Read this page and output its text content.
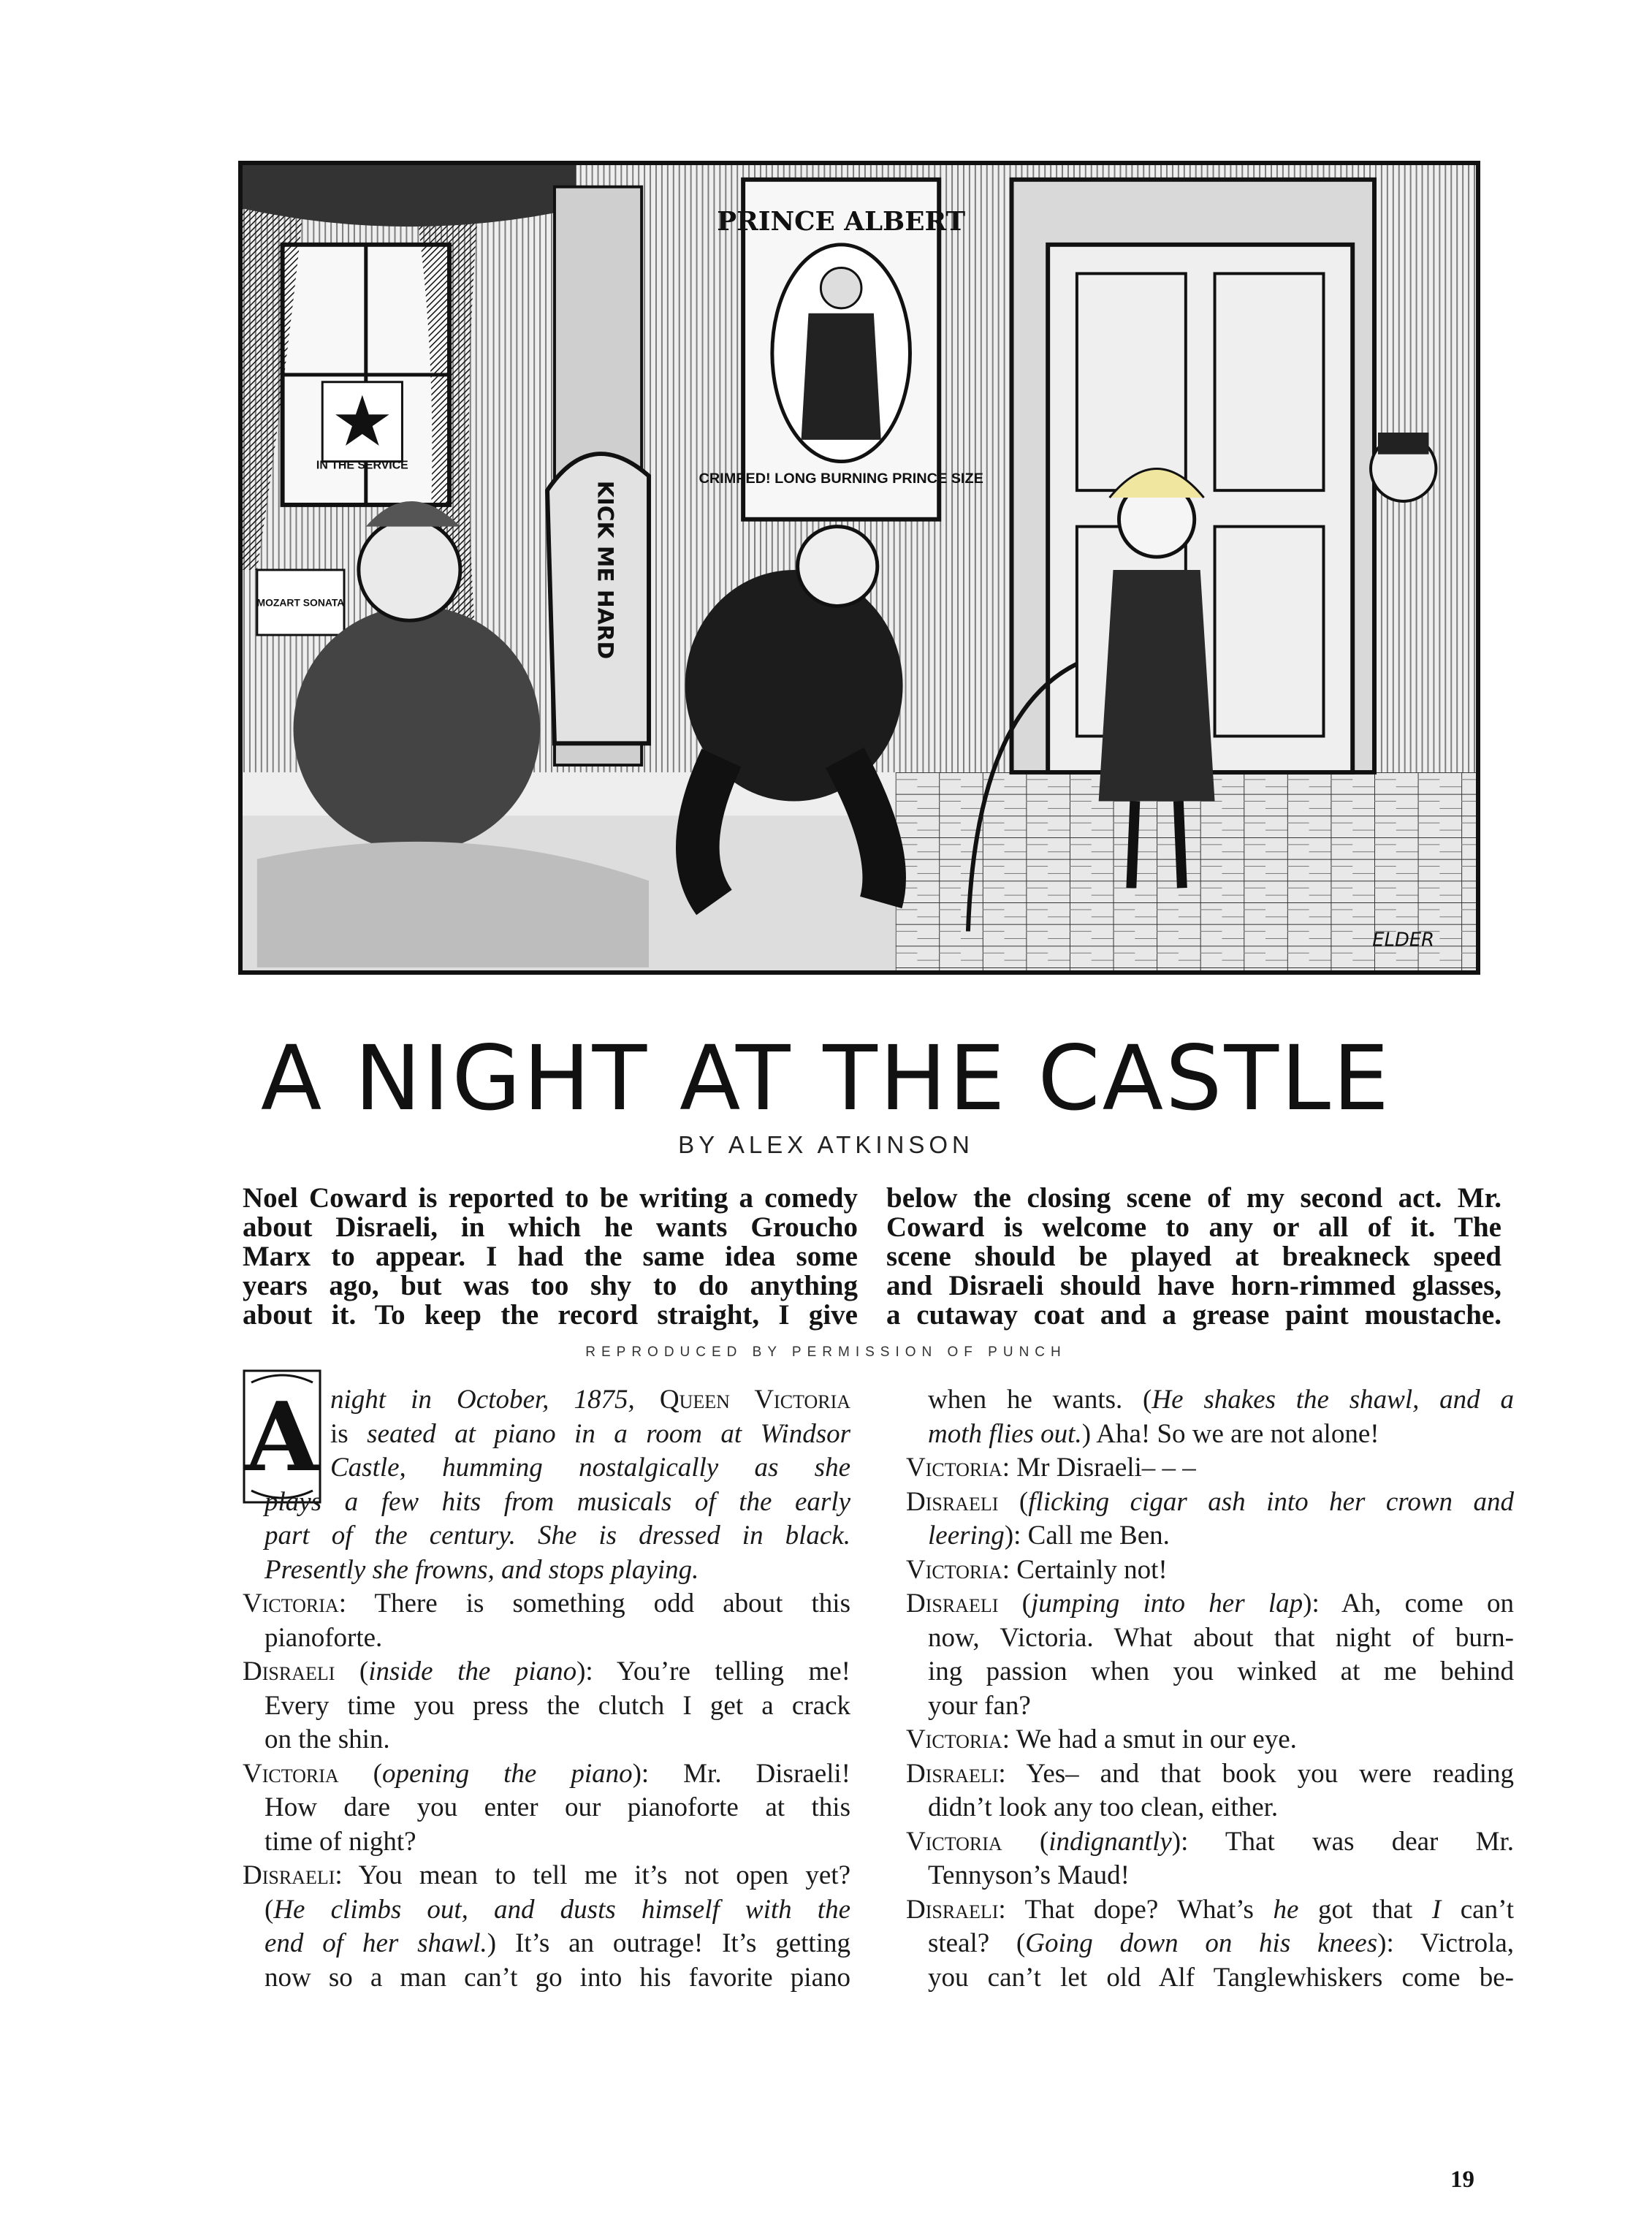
IN THE SERVICE
PRINCE ALBERT
CRIMPED! LONG BURNING PRINCE SIZE
KICK ME HARD
MOZART SONATA
ELDER
A NIGHT AT THE CASTLE
BY ALEX ATKINSON
Noel Coward is reported to be writing a comedy
about Disraeli, in which he wants Groucho
Marx to appear. I had the same idea some
years ago, but was too shy to do anything
about it. To keep the record straight, I give
below the closing scene of my second act. Mr.
Coward is welcome to any or all of it. The
scene should be played at breakneck speed
and Disraeli should have horn-rimmed glasses,
a cutaway coat and a grease paint moustache.
REPRODUCED BY PERMISSION OF PUNCH
A night in October, 1875, Queen Victoria
is seated at piano in a room at Windsor
Castle, humming nostalgically as she
plays a few hits from musicals of the early
part of the century. She is dressed in black.
Presently she frowns, and stops playing.
Victoria: There is something odd about this
pianoforte.
Disraeli (inside the piano): You’re telling me!
Every time you press the clutch I get a crack
on the shin.
Victoria (opening the piano): Mr. Disraeli!
How dare you enter our pianoforte at this
time of night?
Disraeli: You mean to tell me it’s not open yet?
(He climbs out, and dusts himself with the
end of her shawl.) It’s an outrage! It’s getting
now so a man can’t go into his favorite piano
when he wants. (He shakes the shawl, and a
moth flies out.) Aha! So we are not alone!
Victoria: Mr Disraeli– – –
Disraeli (flicking cigar ash into her crown and
leering): Call me Ben.
Victoria: Certainly not!
Disraeli (jumping into her lap): Ah, come on
now, Victoria. What about that night of burn-
ing passion when you winked at me behind
your fan?
Victoria: We had a smut in our eye.
Disraeli: Yes– and that book you were reading
didn’t look any too clean, either.
Victoria (indignantly): That was dear Mr.
Tennyson’s Maud!
Disraeli: That dope? What’s he got that I can’t
steal? (Going down on his knees): Victrola,
you can’t let old Alf Tanglewhiskers come be-
19
